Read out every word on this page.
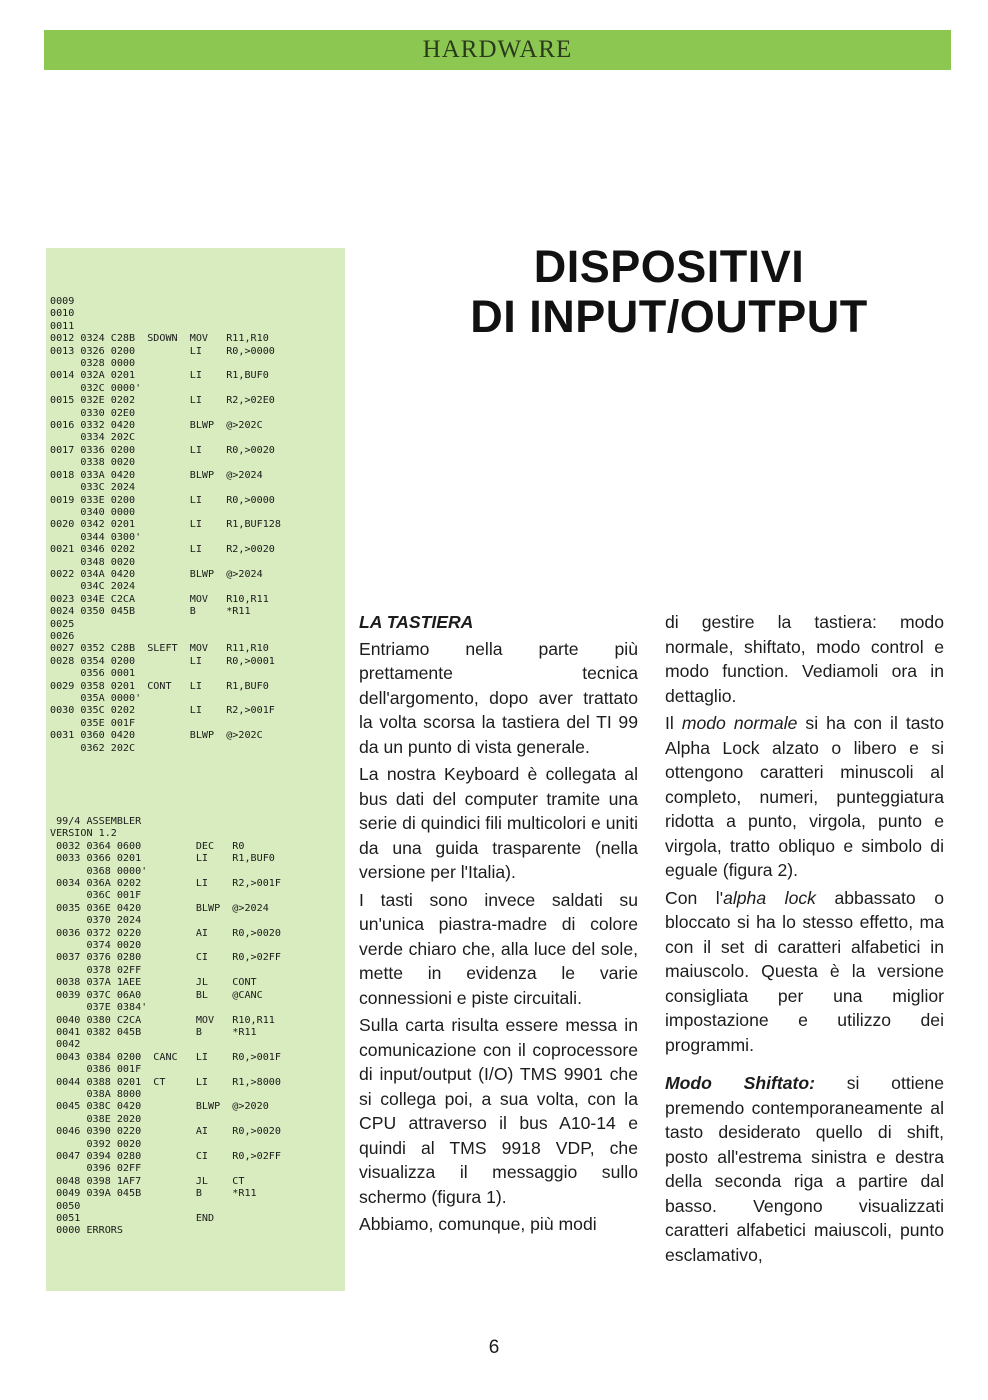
HARDWARE
0009
0010
0011
0012 0324 C28B  SDOWN  MOV   R11,R10
0013 0326 0200         LI    R0,>0000
0328 0000
0014 032A 0201         LI    R1,BUF0
032C 0000'
0015 032E 0202         LI    R2,>02E0
0330 02E0
0016 0332 0420         BLWP  @>202C
0334 202C
0017 0336 0200         LI    R0,>0020
0338 0020
0018 033A 0420         BLWP  @>2024
033C 2024
0019 033E 0200         LI    R0,>0000
0340 0000
0020 0342 0201         LI    R1,BUF128
0344 0300'
0021 0346 0202         LI    R2,>0020
0348 0020
0022 034A 0420         BLWP  @>2024
034C 2024
0023 034E C2CA         MOV   R10,R11
0024 0350 045B         B     *R11
0025
0026
0027 0352 C28B  SLEFT  MOV   R11,R10
0028 0354 0200         LI    R0,>0001
0356 0001
0029 0358 0201  CONT   LI    R1,BUF0
035A 0000'
0030 035C 0202         LI    R2,>001F
035E 001F
0031 0360 0420         BLWP  @>202C
0362 202C
99/4 ASSEMBLER
VERSION 1.2
0032 0364 0600         DEC   R0
0033 0366 0201         LI    R1,BUF0
0368 0000'
0034 036A 0202         LI    R2,>001F
036C 001F
0035 036E 0420         BLWP  @>2024
0370 2024
0036 0372 0220         AI    R0,>0020
0374 0020
0037 0376 0280         CI    R0,>02FF
0378 02FF
0038 037A 1AEE         JL    CONT
0039 037C 06A0         BL    @CANC
037E 0384'
0040 0380 C2CA         MOV   R10,R11
0041 0382 045B         B     *R11
0042
0043 0384 0200  CANC   LI    R0,>001F
0386 001F
0044 0388 0201  CT     LI    R1,>8000
038A 8000
0045 038C 0420         BLWP  @>2020
038E 2020
0046 0390 0220         AI    R0,>0020
0392 0020
0047 0394 0280         CI    R0,>02FF
0396 02FF
0048 0398 1AF7         JL    CT
0049 039A 045B         B     *R11
0050
0051                   END
0000 ERRORS
DISPOSITIVI
DI INPUT/OUTPUT
LA TASTIERA

Entriamo nella parte più prettamente tecnica dell'argomento, dopo aver trattato la volta scorsa la tastiera del TI 99 da un punto di vista generale.

La nostra Keyboard è collegata al bus dati del computer tramite una serie di quindici fili multicolori e uniti da una guida trasparente (nella versione per l'Italia).

I tasti sono invece saldati su un'unica piastra-madre di colore verde chiaro che, alla luce del sole, mette in evidenza le varie connessioni e piste circuitali.

Sulla carta risulta essere messa in comunicazione con il coprocessore di input/output (I/O) TMS 9901 che si collega poi, a sua volta, con la CPU attraverso il bus A10-14 e quindi al TMS 9918 VDP, che visualizza il messaggio sullo schermo (figura 1).

Abbiamo, comunque, più modi

di gestire la tastiera: modo normale, shiftato, modo control e modo function. Vediamoli ora in dettaglio.

Il modo normale si ha con il tasto Alpha Lock alzato o libero e si ottengono caratteri minuscoli al completo, numeri, punteggiatura ridotta a punto, virgola, punto e virgola, tratto obliquo e simbolo di eguale (figura 2).

Con l'alpha lock abbassato o bloccato si ha lo stesso effetto, ma con il set di caratteri alfabetici in maiuscolo. Questa è la versione consigliata per una miglior impostazione e utilizzo dei programmi.

Modo Shiftato: si ottiene premendo contemporaneamente al tasto desiderato quello di shift, posto all'estrema sinistra e destra della seconda riga a partire dal basso. Vengono visualizzati caratteri alfabetici maiuscoli, punto esclamativo,

6
